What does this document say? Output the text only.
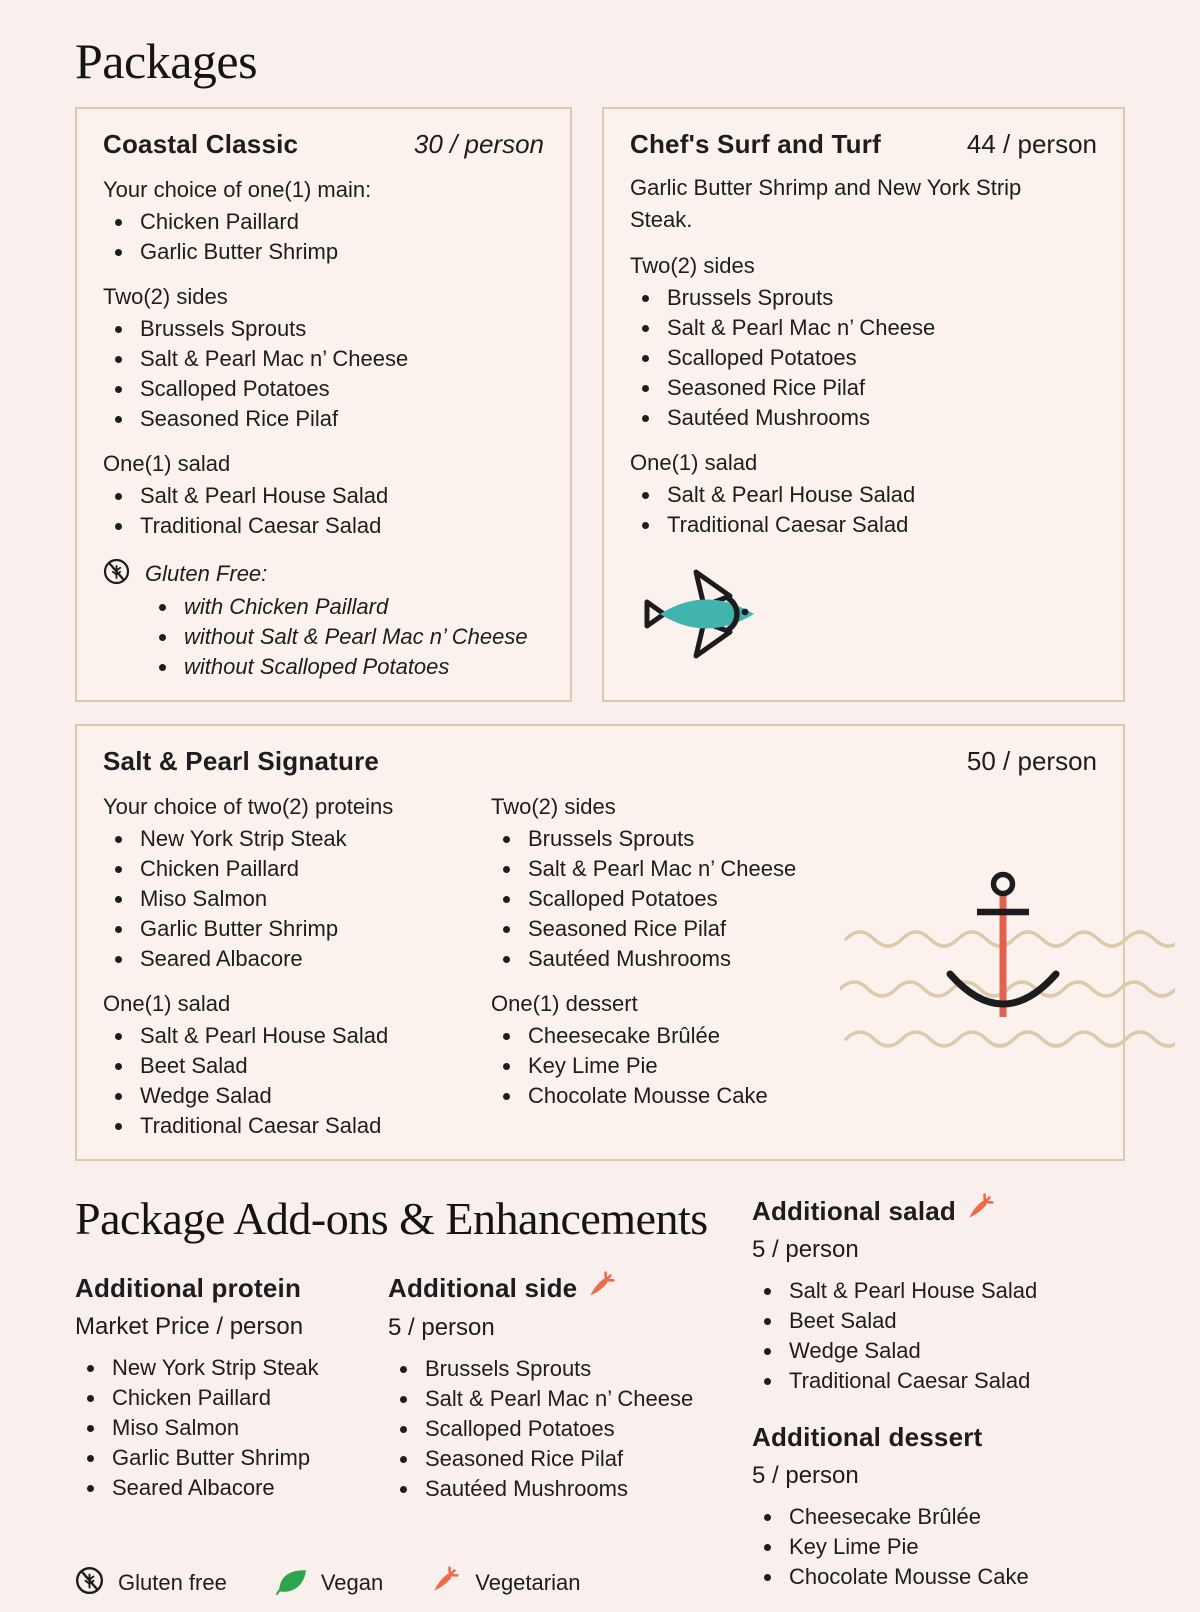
Packages
Coastal Classic	30 / person
Your choice of one(1) main:
Chicken Paillard
Garlic Butter Shrimp
Two(2) sides
Brussels Sprouts
Salt & Pearl Mac n’ Cheese
Scalloped Potatoes
Seasoned Rice Pilaf
One(1) salad
Salt & Pearl House Salad
Traditional Caesar Salad
Gluten Free:
with Chicken Paillard
without Salt & Pearl Mac n’ Cheese
without Scalloped Potatoes
Chef's Surf and Turf	44 / person
Garlic Butter Shrimp and New York Strip Steak.
Two(2) sides
Brussels Sprouts
Salt & Pearl Mac n’ Cheese
Scalloped Potatoes
Seasoned Rice Pilaf
Sautéed Mushrooms
One(1) salad
Salt & Pearl House Salad
Traditional Caesar Salad
Salt & Pearl Signature	50 / person
Your choice of two(2) proteins
New York Strip Steak
Chicken Paillard
Miso Salmon
Garlic Butter Shrimp
Seared Albacore
One(1) salad
Salt & Pearl House Salad
Beet Salad
Wedge Salad
Traditional Caesar Salad
Two(2) sides
Brussels Sprouts
Salt & Pearl Mac n’ Cheese
Scalloped Potatoes
Seasoned Rice Pilaf
Sautéed Mushrooms
One(1) dessert
Cheesecake Brûlée
Key Lime Pie
Chocolate Mousse Cake
Package Add-ons & Enhancements
Additional protein
Market Price / person
New York Strip Steak
Chicken Paillard
Miso Salmon
Garlic Butter Shrimp
Seared Albacore
Additional side
5 / person
Brussels Sprouts
Salt & Pearl Mac n’ Cheese
Scalloped Potatoes
Seasoned Rice Pilaf
Sautéed Mushrooms
Gluten free	Vegan	Vegetarian
Additional salad
5 / person
Salt & Pearl House Salad
Beet Salad
Wedge Salad
Traditional Caesar Salad
Additional dessert
5 / person
Cheesecake Brûlée
Key Lime Pie
Chocolate Mousse Cake
